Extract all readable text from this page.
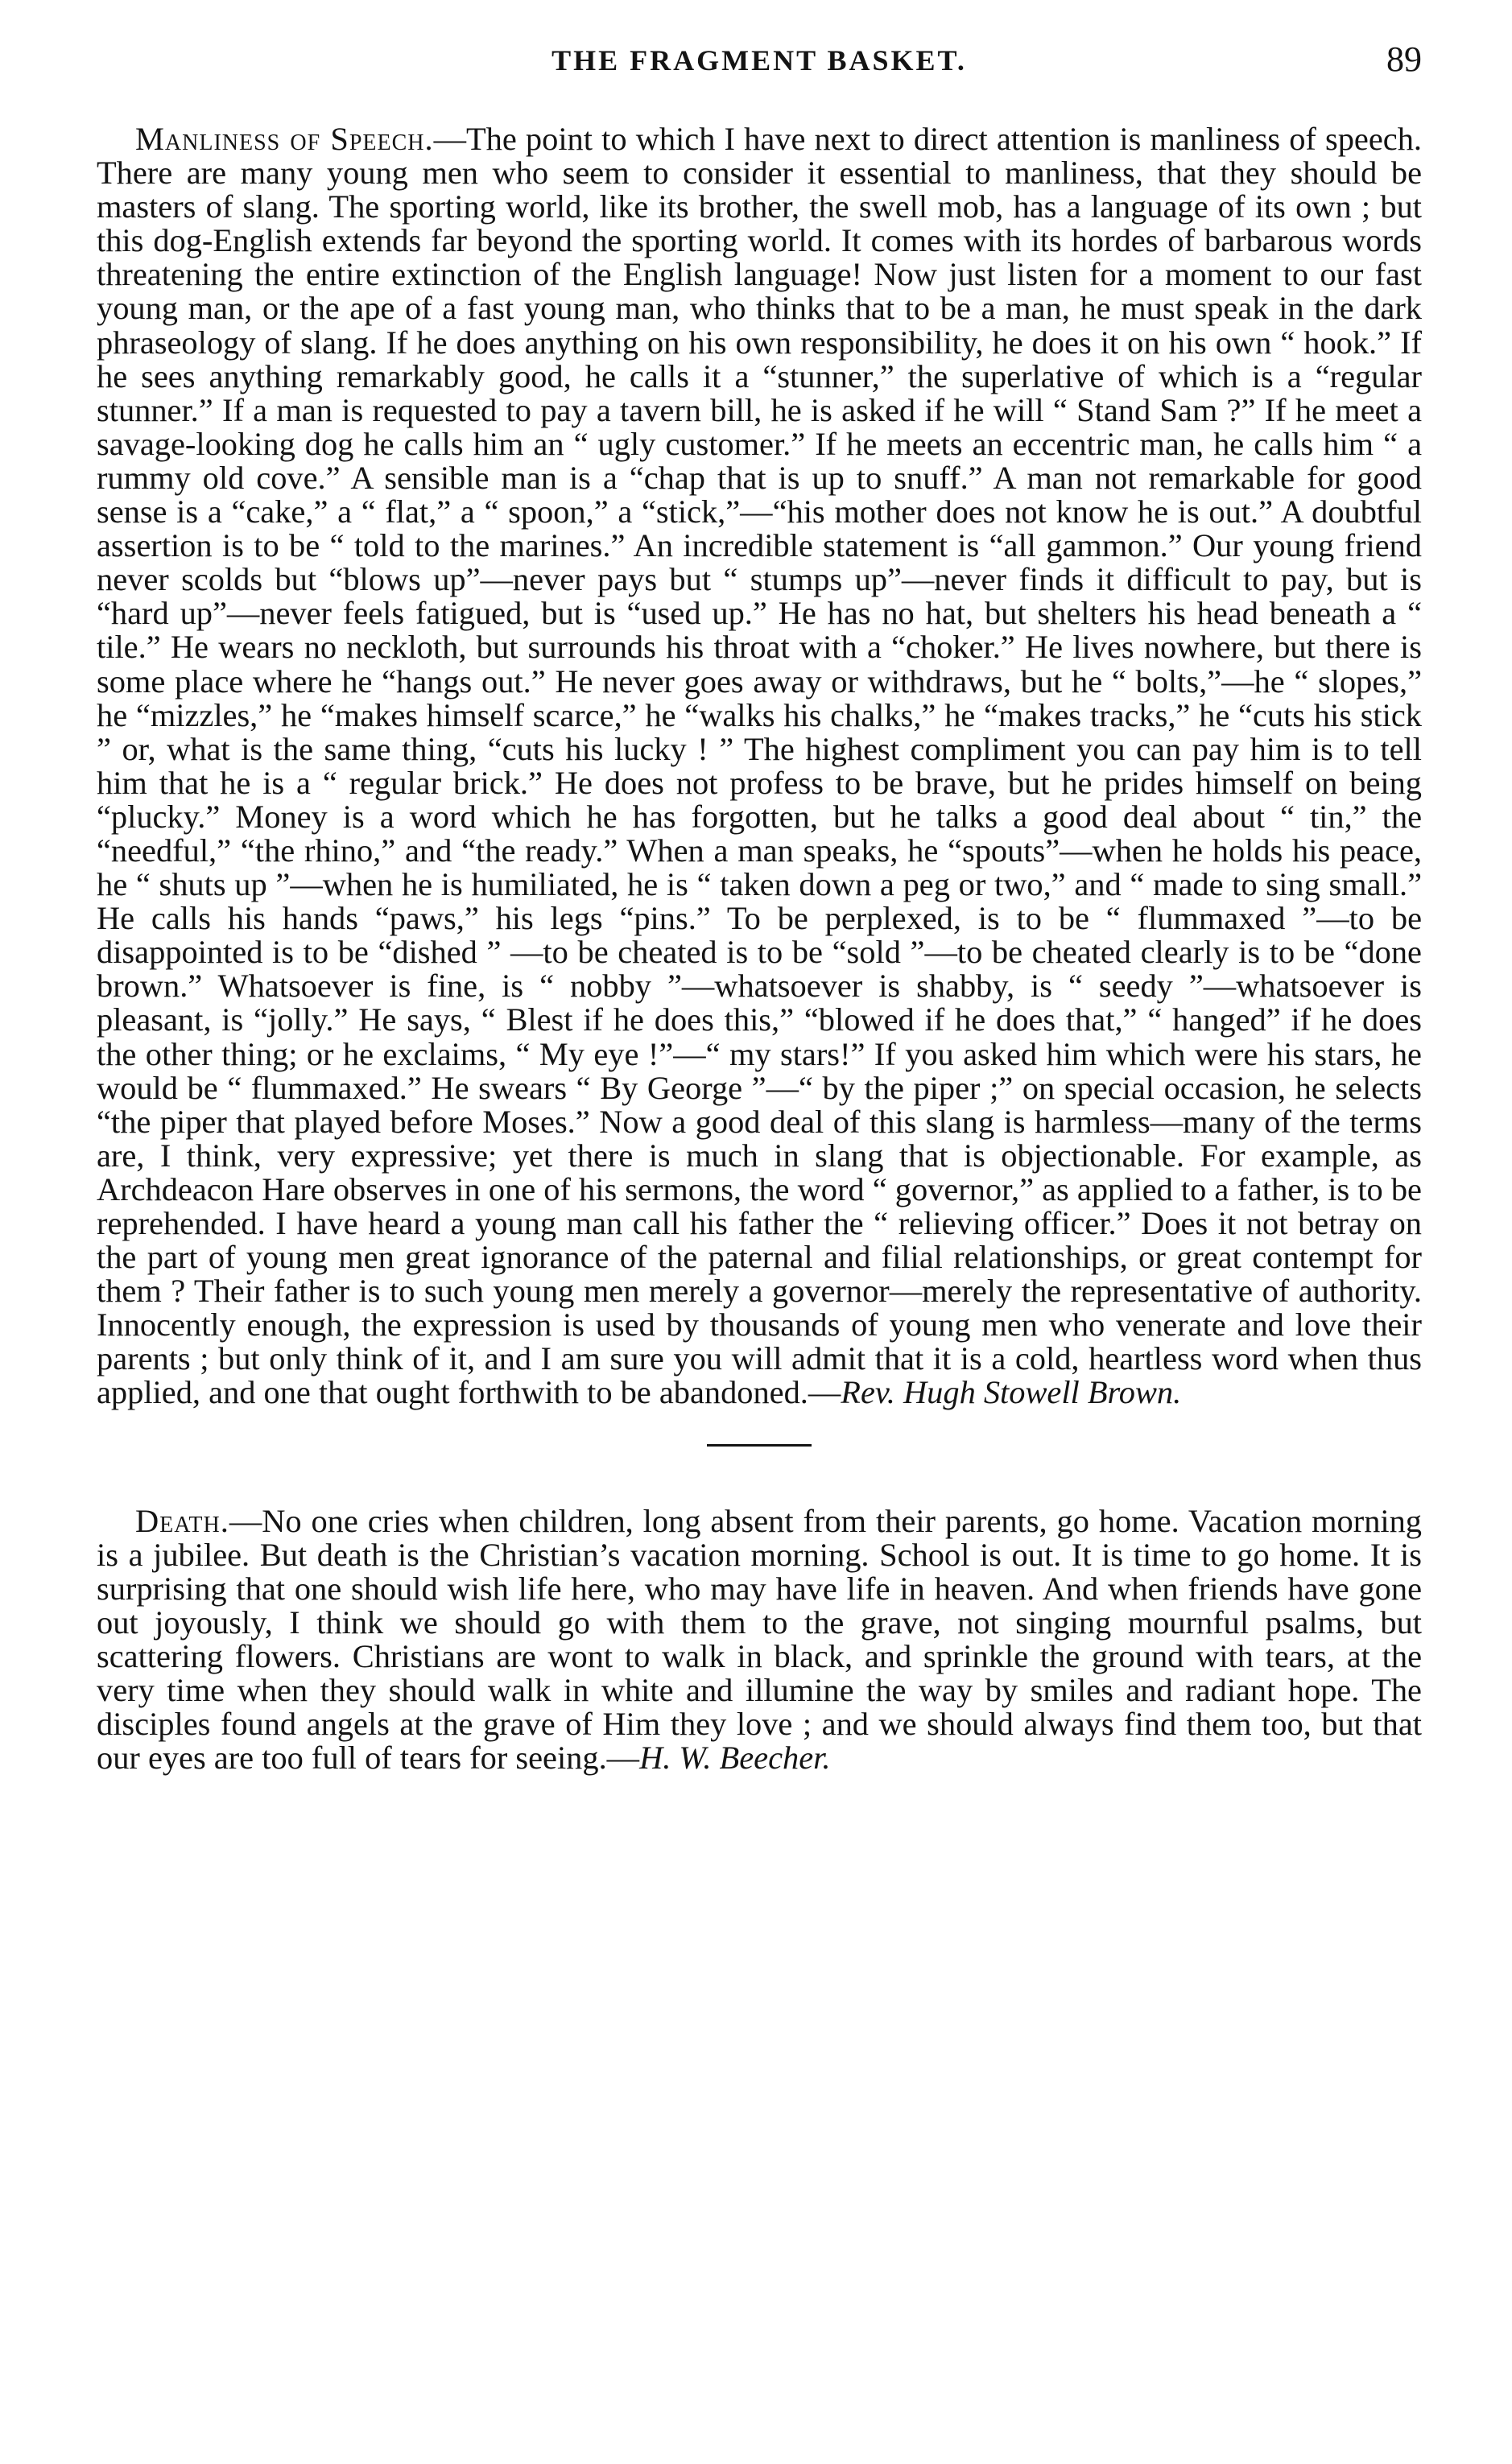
THE FRAGMENT BASKET.	89

Manliness of Speech.—The point to which I have next to direct attention is manliness of speech. There are many young men who seem to consider it essential to manliness, that they should be masters of slang. The sporting world, like its brother, the swell mob, has a language of its own ; but this dog-English extends far beyond the sporting world. It comes with its hordes of barbarous words threatening the entire extinction of the English language! Now just listen for a moment to our fast young man, or the ape of a fast young man, who thinks that to be a man, he must speak in the dark phraseology of slang. If he does anything on his own responsibility, he does it on his own “ hook.” If he sees anything remarkably good, he calls it a “stunner,” the superlative of which is a “regular stunner.” If a man is requested to pay a tavern bill, he is asked if he will “ Stand Sam ?” If he meet a savage-looking dog he calls him an “ ugly customer.” If he meets an eccentric man, he calls him “ a rummy old cove.” A sensible man is a “chap that is up to snuff.” A man not remarkable for good sense is a “cake,” a “ flat,” a “ spoon,” a “stick,”—“his mother does not know he is out.” A doubtful assertion is to be “ told to the marines.” An incredible statement is “all gammon.” Our young friend never scolds but “blows up”—never pays but “ stumps up”—never finds it difficult to pay, but is “hard up”—never feels fatigued, but is “used up.” He has no hat, but shelters his head beneath a “ tile.” He wears no neckloth, but surrounds his throat with a “choker.” He lives nowhere, but there is some place where he “hangs out.” He never goes away or withdraws, but he “ bolts,”—he “ slopes,” he “mizzles,” he “makes himself scarce,” he “walks his chalks,” he “makes tracks,” he “cuts his stick ” or, what is the same thing, “cuts his lucky ! ” The highest compliment you can pay him is to tell him that he is a “ regular brick.” He does not profess to be brave, but he prides himself on being “plucky.” Money is a word which he has forgotten, but he talks a good deal about “ tin,” the “needful,” “the rhino,” and “the ready.” When a man speaks, he “spouts”—when he holds his peace, he “ shuts up ”—when he is humiliated, he is “ taken down a peg or two,” and “ made to sing small.” He calls his hands “paws,” his legs “pins.” To be perplexed, is to be “ flummaxed ”—to be disappointed is to be “dished ” —to be cheated is to be “sold ”—to be cheated clearly is to be “done brown.” Whatsoever is fine, is “ nobby ”—whatsoever is shabby, is “ seedy ”—whatsoever is pleasant, is “jolly.” He says, “ Blest if he does this,” “blowed if he does that,” “ hanged” if he does the other thing; or he exclaims, “ My eye !”—“ my stars!” If you asked him which were his stars, he would be “ flummaxed.” He swears “ By George ”—“ by the piper ;” on special occasion, he selects “the piper that played before Moses.” Now a good deal of this slang is harmless—many of the terms are, I think, very expressive; yet there is much in slang that is objectionable. For example, as Archdeacon Hare observes in one of his sermons, the word “ governor,” as applied to a father, is to be reprehended. I have heard a young man call his father the “ relieving officer.” Does it not betray on the part of young men great ignorance of the paternal and filial relationships, or great contempt for them ? Their father is to such young men merely a governor—merely the representative of authority. Innocently enough, the expression is used by thousands of young men who venerate and love their parents ; but only think of it, and I am sure you will admit that it is a cold, heartless word when thus applied, and one that ought forthwith to be abandoned.—Rev. Hugh Stowell Brown.

Death.—No one cries when children, long absent from their parents, go home. Vacation morning is a jubilee. But death is the Christian’s vacation morning. School is out. It is time to go home. It is surprising that one should wish life here, who may have life in heaven. And when friends have gone out joyously, I think we should go with them to the grave, not singing mournful psalms, but scattering flowers. Christians are wont to walk in black, and sprinkle the ground with tears, at the very time when they should walk in white and illumine the way by smiles and radiant hope. The disciples found angels at the grave of Him they love ; and we should always find them too, but that our eyes are too full of tears for seeing.—H. W. Beecher.
